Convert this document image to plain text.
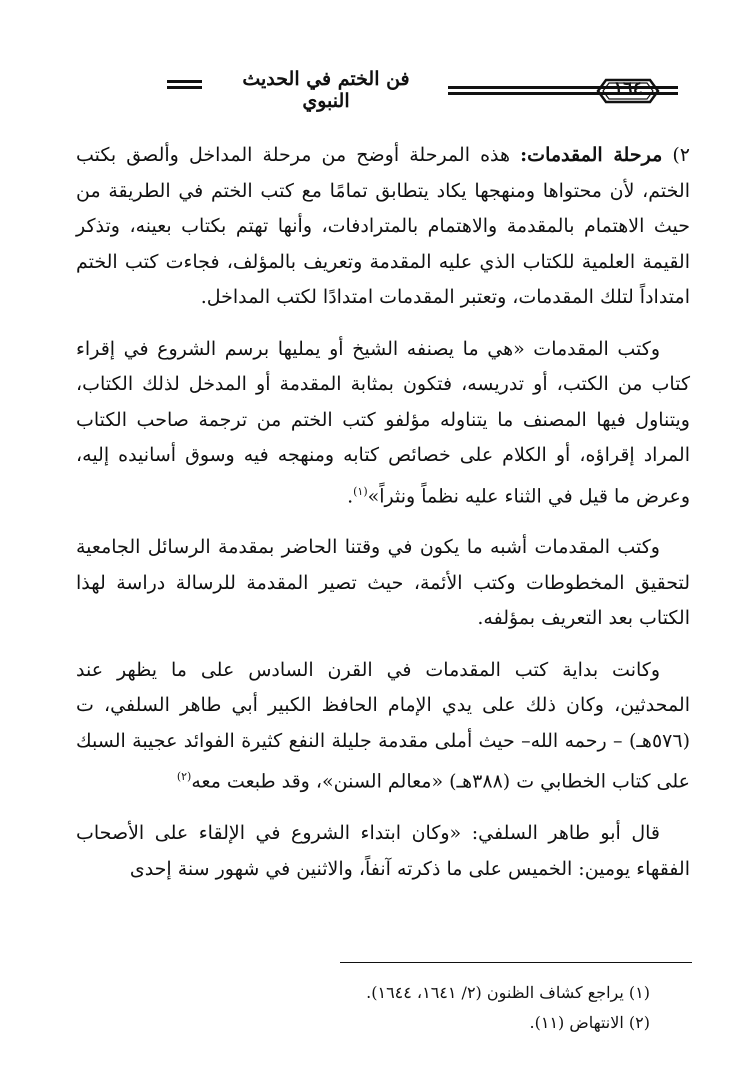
فن الختم في الحديث النبوي
١٦٤

٢) مرحلة المقدمات: هذه المرحلة أوضح من مرحلة المداخل وألصق بكتب الختم، لأن محتواها ومنهجها يكاد يتطابق تمامًا مع كتب الختم في الطريقة من حيث الاهتمام بالمقدمة والاهتمام بالمترادفات، وأنها تهتم بكتاب بعينه، وتذكر القيمة العلمية للكتاب الذي عليه المقدمة وتعريف بالمؤلف، فجاءت كتب الختم امتداداً لتلك المقدمات، وتعتبر المقدمات امتدادًا لكتب المداخل.

وكتب المقدمات «هي ما يصنفه الشيخ أو يمليها برسم الشروع في إقراء كتاب من الكتب، أو تدريسه، فتكون بمثابة المقدمة أو المدخل لذلك الكتاب، ويتناول فيها المصنف ما يتناوله مؤلفو كتب الختم من ترجمة صاحب الكتاب المراد إقراؤه، أو الكلام على خصائص كتابه ومنهجه فيه وسوق أسانيده إليه، وعرض ما قيل في الثناء عليه نظماً ونثراً»$^{(١)}$.

وكتب المقدمات أشبه ما يكون في وقتنا الحاضر بمقدمة الرسائل الجامعية لتحقيق المخطوطات وكتب الأئمة، حيث تصير المقدمة للرسالة دراسة لهذا الكتاب بعد التعريف بمؤلفه.

وكانت بداية كتب المقدمات في القرن السادس على ما يظهر عند المحدثين، وكان ذلك على يدي الإمام الحافظ الكبير أبي طاهر السلفي، ت (٥٧٦هـ) – رحمه الله– حيث أملى مقدمة جليلة النفع كثيرة الفوائد عجيبة السبك على كتاب الخطابي ت (٣٨٨هـ) «معالم السنن»، وقد طبعت معه$^{(٢)}$

قال أبو طاهر السلفي: «وكان ابتداء الشروع في الإلقاء على الأصحاب الفقهاء يومين: الخميس على ما ذكرته آنفاً، والاثنين في شهور سنة إحدى

(١) يراجع كشاف الظنون (٢/ ١٦٤١، ١٦٤٤).
(٢) الانتهاض (١١).
